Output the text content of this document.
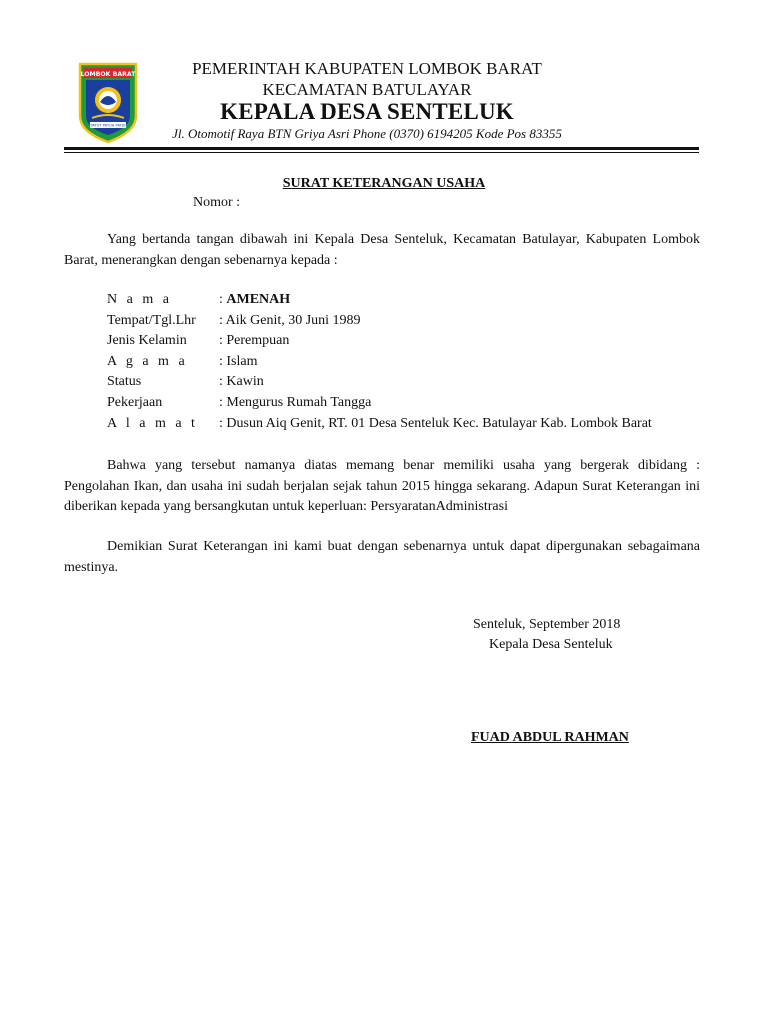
LOMBOK BARAT
PATUT PATUH PATJU
PEMERINTAH KABUPATEN LOMBOK BARAT
KECAMATAN BATULAYAR
KEPALA DESA SENTELUK
Jl. Otomotif Raya BTN Griya Asri Phone (0370) 6194205 Kode Pos 83355
SURAT KETERANGAN USAHA
Nomor :

Yang bertanda tangan dibawah ini Kepala Desa Senteluk, Kecamatan Batulayar, Kabupaten Lombok Barat, menerangkan dengan sebenarnya kepada :

N a m a	: AMENAH
Tempat/Tgl.Lhr : Aik Genit, 30 Juni 1989
Jenis Kelamin : Perempuan
A g a m a : Islam
Status	: Kawin
Pekerjaan	: Mengurus Rumah Tangga
A l a m a t : Dusun Aiq Genit, RT. 01 Desa Senteluk Kec. Batulayar Kab. Lombok Barat

Bahwa yang tersebut namanya diatas memang benar memiliki usaha yang bergerak dibidang : Pengolahan Ikan, dan usaha ini sudah berjalan sejak tahun 2015 hingga sekarang. Adapun Surat Keterangan ini diberikan kepada yang bersangkutan untuk keperluan: PersyaratanAdministrasi

Demikian Surat Keterangan ini kami buat dengan sebenarnya untuk dapat dipergunakan sebagaimana mestinya.

Senteluk, September 2018
Kepala Desa Senteluk
FUAD ABDUL RAHMAN
